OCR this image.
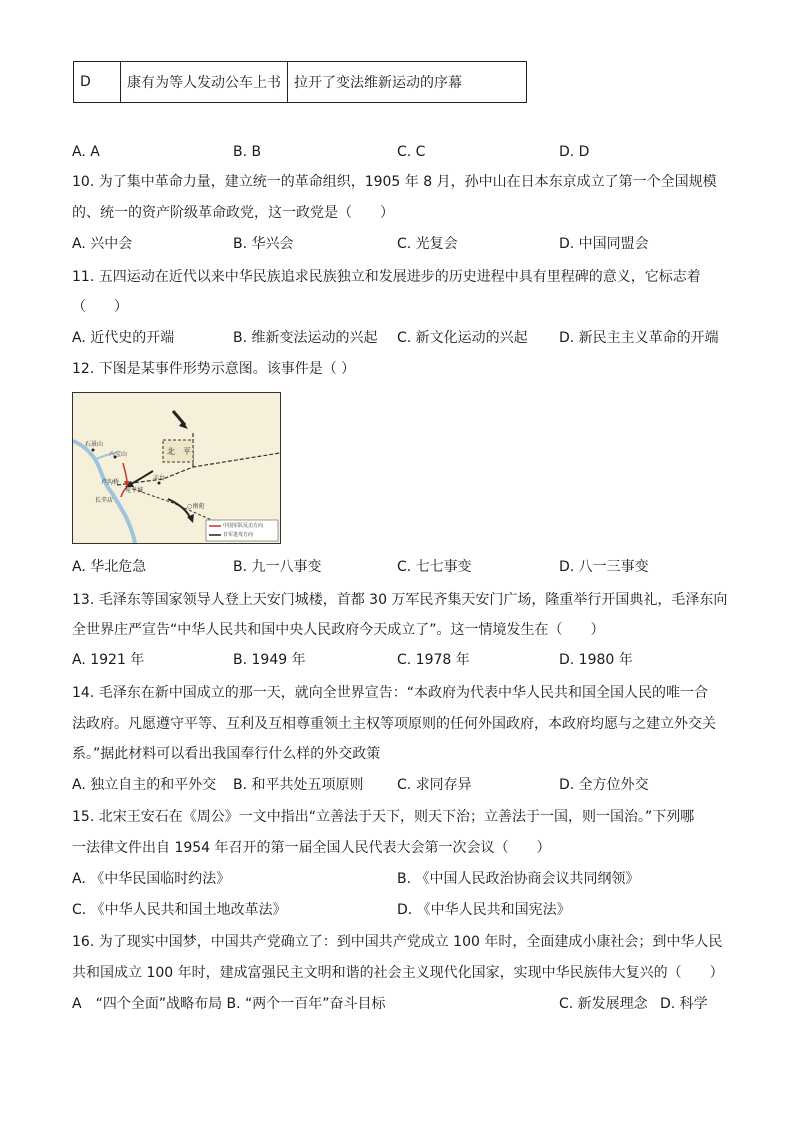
D	康有为等人发动公车上书	拉开了变法维新运动的序幕
A. A	B. B	C. C	D. D
10. 为了集中革命力量，建立统一的革命组织，1905 年 8 月，孙中山在日本东京成立了第一个全国规模
的、统一的资产阶级革命政党，这一政党是（　　）
A. 兴中会	B. 华兴会	C. 光复会	D. 中国同盟会
11. 五四运动在近代以来中华民族追求民族独立和发展进步的历史进程中具有里程碑的意义，它标志着
（　　）
A. 近代史的开端	B. 维新变法运动的兴起 C. 新文化运动的兴起 D. 新民主主义革命的开端
12. 下图是某事件形势示意图。该事件是（ ）
北　平
石景山
八宝山
卢沟桥
宛平城
丰台
长辛店
○南苑
中国军队反击方向
日军进攻方向
A. 华北危急	B. 九一八事变	C. 七七事变	D. 八一三事变
13. 毛泽东等国家领导人登上天安门城楼，首都 30 万军民齐集天安门广场，隆重举行开国典礼，毛泽东向
全世界庄严宣告“中华人民共和国中央人民政府今天成立了”。这一情境发生在（　　）
A. 1921 年	B. 1949 年	C. 1978 年	D. 1980 年
14. 毛泽东在新中国成立的那一天，就向全世界宣告：“本政府为代表中华人民共和国全国人民的唯一合
法政府。凡愿遵守平等、互利及互相尊重领土主权等项原则的任何外国政府，本政府均愿与之建立外交关
系。”据此材料可以看出我国奉行什么样的外交政策
A. 独立自主的和平外交 B. 和平共处五项原则 C. 求同存异	D. 全方位外交
15. 北宋王安石在《周公》一文中指出“立善法于天下，则天下治；立善法于一国，则一国治。”下列哪
一法律文件出自 1954 年召开的第一届全国人民代表大会第一次会议（　　）
A. 《中华民国临时约法》	B. 《中国人民政治协商会议共同纲领》
C. 《中华人民共和国土地改革法》	D. 《中华人民共和国宪法》
16. 为了现实中国梦，中国共产党确立了：到中国共产党成立 100 年时，全面建成小康社会；到中华人民
共和国成立 100 年时，建成富强民主文明和谐的社会主义现代化国家，实现中华民族伟大复兴的（　　）
A　“四个全面”战略布局 B. “两个一百年”奋斗目标	C. 新发展理念 D. 科学
